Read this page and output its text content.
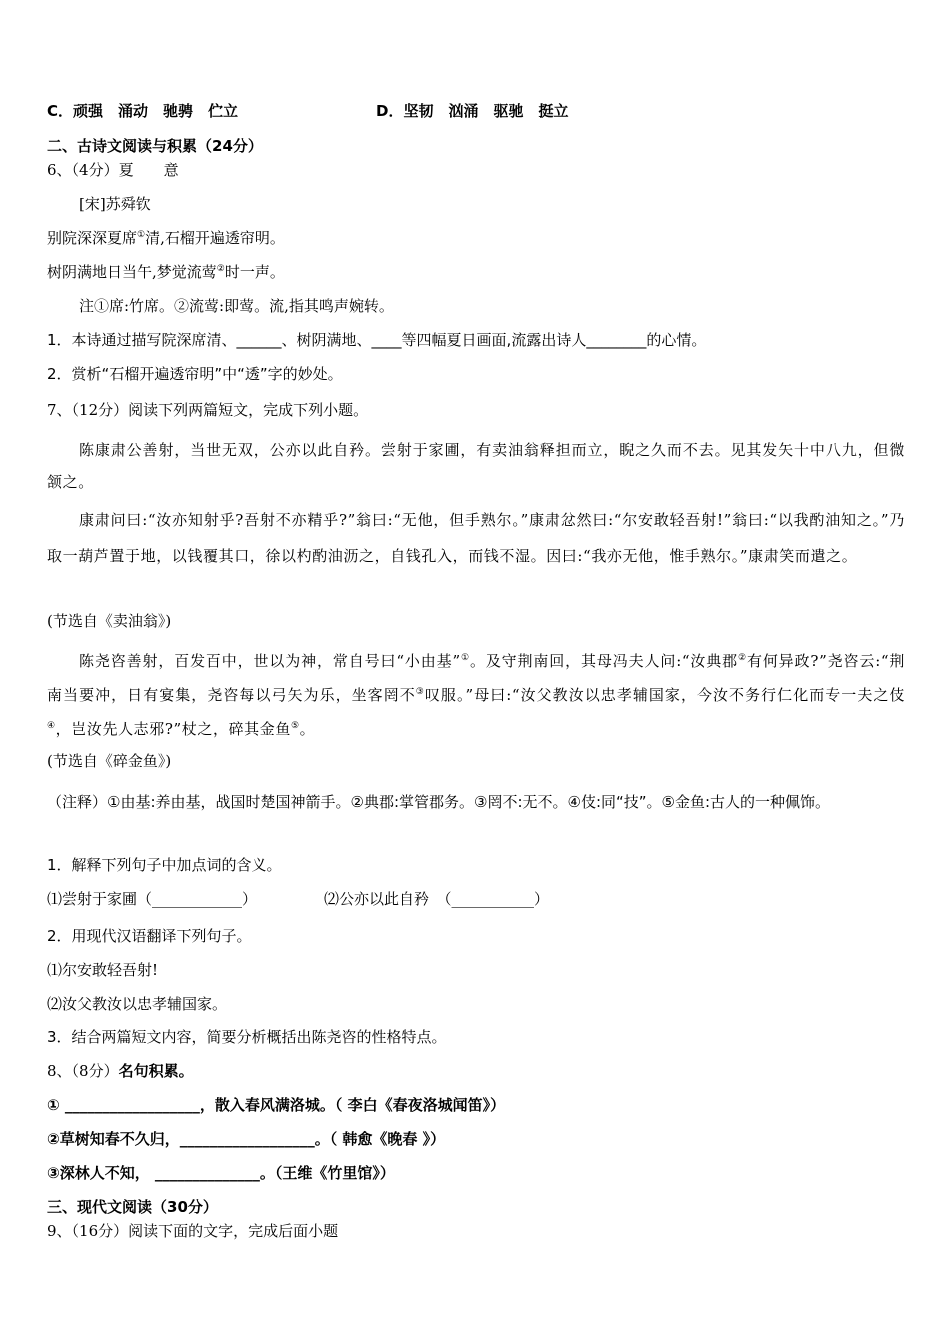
C．顽强　涌动　驰骋　伫立	D．坚韧　汹涌　驱驰　挺立
二、古诗文阅读与积累（24分）
6、（4分）夏　　意
[宋]苏舜钦
别院深深夏席①清,石榴开遍透帘明。
树阴满地日当午,梦觉流莺②时一声。
注①席:竹席。②流莺:即莺。流,指其鸣声婉转。
1．本诗通过描写院深席清、______、树阴满地、____等四幅夏日画面,流露出诗人________的心情。
2．赏析“石榴开遍透帘明”中“透”字的妙处。
7、（12分）阅读下列两篇短文，完成下列小题。
陈康肃公善射，当世无双，公亦以此自矜。尝射于家圃，有卖油翁释担而立，睨之久而不去。见其发矢十中八九，但微颔之。
康肃问曰:“汝亦知射乎?吾射不亦精乎?”翁曰:“无他，但手熟尔。”康肃忿然曰:“尔安敢轻吾射!”翁曰:“以我酌油知之。”乃取一葫芦置于地，以钱覆其口，徐以杓酌油沥之，自钱孔入，而钱不湿。因曰:“我亦无他，惟手熟尔。”康肃笑而遣之。
(节选自《卖油翁》)
陈尧咨善射，百发百中，世以为神，常自号曰“小由基”①。及守荆南回，其母冯夫人问:“汝典郡②有何异政?”尧咨云:“荆南当要冲，日有宴集，尧咨每以弓矢为乐，坐客罔不③叹服。”母曰:“汝父教汝以忠孝辅国家，今汝不务行仁化而专一夫之伎④，岂汝先人志邪?”杖之，碎其金鱼⑤。
(节选自《碎金鱼》)
（注释）①由基:养由基，战国时楚国神箭手。②典郡:掌管郡务。③罔不:无不。④伎:同“技”。⑤金鱼:古人的一种佩饰。
1．解释下列句子中加点词的含义。
⑴尝射于家圃（____________）	⑵公亦以此自矜　（___________）
2．用现代汉语翻译下列句子。
⑴尔安敢轻吾射!
⑵汝父教汝以忠孝辅国家。
3．结合两篇短文内容，简要分析概括出陈尧咨的性格特点。
8、（8分）名句积累。
① __________________，散入春风满洛城。（ 李白《春夜洛城闻笛》）
②草树知春不久归，__________________。（ 韩愈《晚春 》）
③深林人不知， ______________。（王维《竹里馆》）
三、现代文阅读（30分）
9、（16分）阅读下面的文字，完成后面小题
